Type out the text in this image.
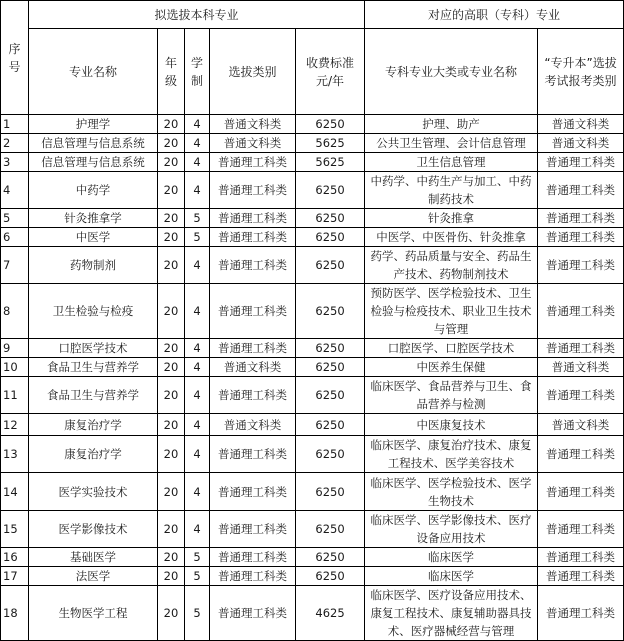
序号	拟选拔本科专业					对应的高职（专科）专业	
	专业名称	年级	学制	选拔类别	收费标准元/年	专科专业大类或专业名称	“专升本”选拔考试报考类别
1	护理学	20	4	普通文科类	6250	护理、助产	普通文科类
2	信息管理与信息系统	20	4	普通文科类	5625	公共卫生管理、会计信息管理	普通文科类
3	信息管理与信息系统	20	4	普通理工科类	5625	卫生信息管理	普通理工科类
4	中药学	20	4	普通理工科类	6250	中药学、中药生产与加工、中药制药技术	普通理工科类
5	针灸推拿学	20	5	普通理工科类	6250	针灸推拿	普通理工科类
6	中医学	20	5	普通理工科类	6250	中医学、中医骨伤、针灸推拿	普通理工科类
7	药物制剂	20	4	普通理工科类	6250	药学、药品质量与安全、药品生产技术、药物制剂技术	普通理工科类
8	卫生检验与检疫	20	4	普通理工科类	6250	预防医学、医学检验技术、卫生检验与检疫技术、职业卫生技术与管理	普通理工科类
9	口腔医学技术	20	4	普通理工科类	6250	口腔医学、口腔医学技术	普通理工科类
10	食品卫生与营养学	20	4	普通文科类	6250	中医养生保健	普通文科类
11	食品卫生与营养学	20	4	普通理工科类	6250	临床医学、食品营养与卫生、食品营养与检测	普通理工科类
12	康复治疗学	20	4	普通文科类	6250	中医康复技术	普通文科类
13	康复治疗学	20	4	普通理工科类	6250	临床医学、康复治疗技术、康复工程技术、医学美容技术	普通理工科类
14	医学实验技术	20	4	普通理工科类	6250	临床医学、医学检验技术、医学生物技术	普通理工科类
15	医学影像技术	20	4	普通理工科类	6250	临床医学、医学影像技术、医疗设备应用技术	普通理工科类
16	基础医学	20	5	普通理工科类	6250	临床医学	普通理工科类
17	法医学	20	5	普通理工科类	6250	临床医学	普通理工科类
18	生物医学工程	20	5	普通理工科类	4625	临床医学、医疗设备应用技术、康复工程技术、康复辅助器具技术、医疗器械经营与管理	普通理工科类
